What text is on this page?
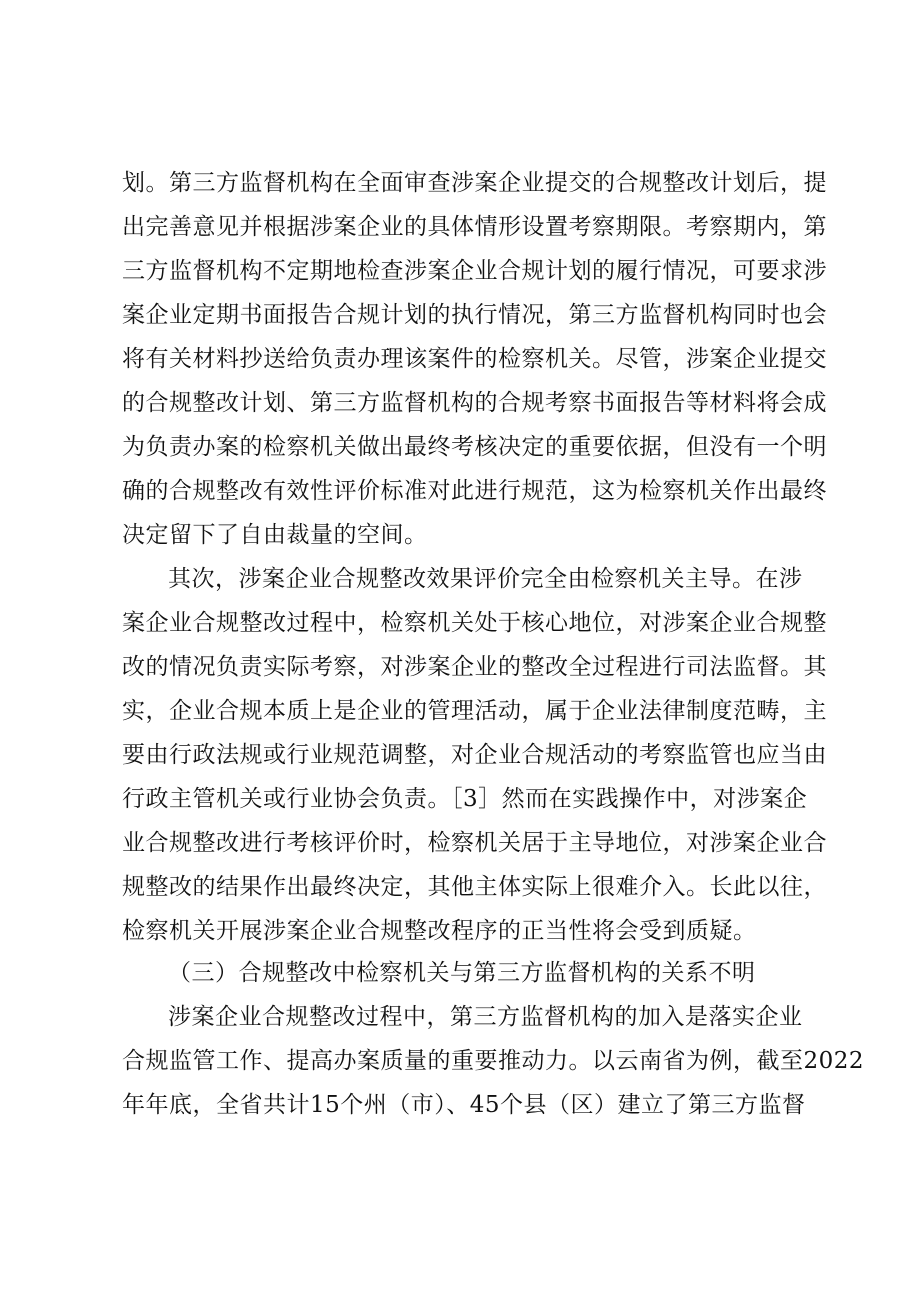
划。第三方监督机构在全面审查涉案企业提交的合规整改计划后，提
出完善意见并根据涉案企业的具体情形设置考察期限。考察期内，第
三方监督机构不定期地检查涉案企业合规计划的履行情况，可要求涉
案企业定期书面报告合规计划的执行情况，第三方监督机构同时也会
将有关材料抄送给负责办理该案件的检察机关。尽管，涉案企业提交
的合规整改计划、第三方监督机构的合规考察书面报告等材料将会成
为负责办案的检察机关做出最终考核决定的重要依据，但没有一个明
确的合规整改有效性评价标准对此进行规范，这为检察机关作出最终
决定留下了自由裁量的空间。
其次，涉案企业合规整改效果评价完全由检察机关主导。在涉
案企业合规整改过程中，检察机关处于核心地位，对涉案企业合规整
改的情况负责实际考察，对涉案企业的整改全过程进行司法监督。其
实，企业合规本质上是企业的管理活动，属于企业法律制度范畴，主
要由行政法规或行业规范调整，对企业合规活动的考察监管也应当由
行政主管机关或行业协会负责。［3］然而在实践操作中，对涉案企
业合规整改进行考核评价时，检察机关居于主导地位，对涉案企业合
规整改的结果作出最终决定，其他主体实际上很难介入。长此以往，
检察机关开展涉案企业合规整改程序的正当性将会受到质疑。
（三）合规整改中检察机关与第三方监督机构的关系不明
涉案企业合规整改过程中，第三方监督机构的加入是落实企业
合规监管工作、提高办案质量的重要推动力。以云南省为例，截至2022
年年底，全省共计15个州（市）、45个县（区）建立了第三方监督
